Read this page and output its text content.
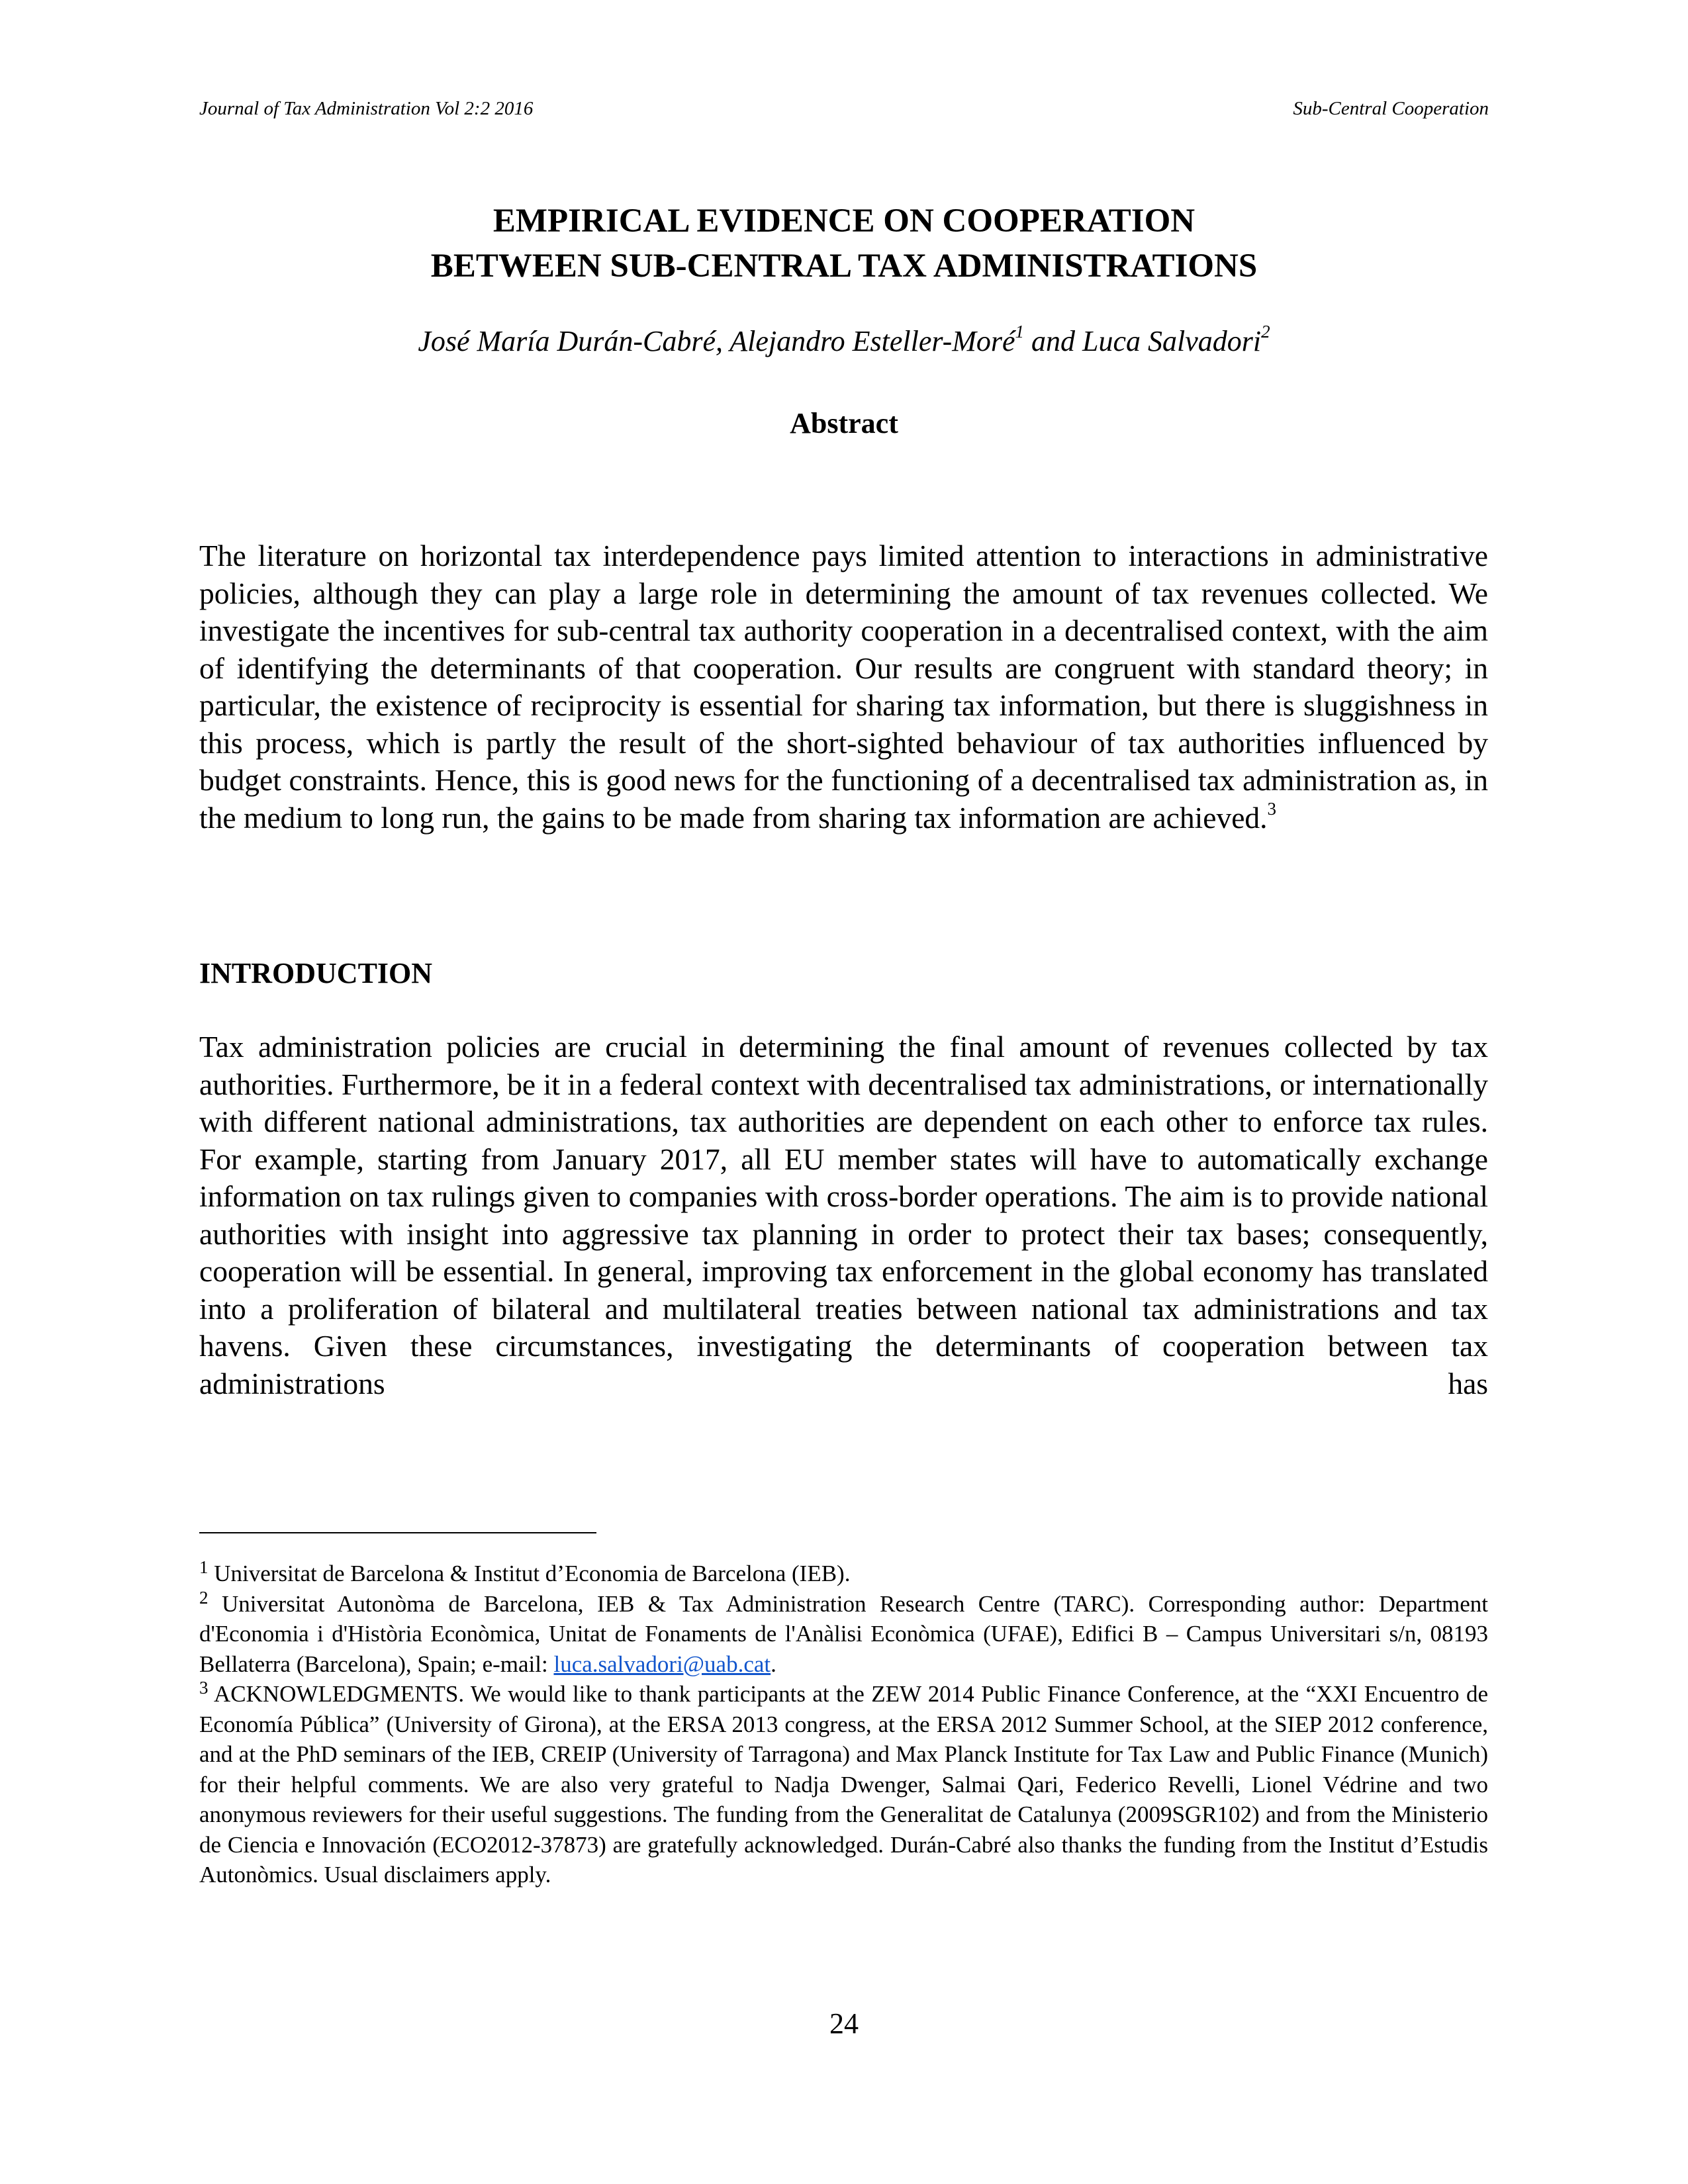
Journal of Tax Administration Vol 2:2 2016	Sub-Central Cooperation
EMPIRICAL EVIDENCE ON COOPERATION
BETWEEN SUB-CENTRAL TAX ADMINISTRATIONS
José María Durán-Cabré, Alejandro Esteller-Moré$^1$ and Luca Salvadori$^2$
Abstract
The literature on horizontal tax interdependence pays limited attention to interactions in administrative policies, although they can play a large role in determining the amount of tax revenues collected. We investigate the incentives for sub-central tax authority cooperation in a decentralised context, with the aim of identifying the determinants of that cooperation. Our results are congruent with standard theory; in particular, the existence of reciprocity is essential for sharing tax information, but there is sluggishness in this process, which is partly the result of the short-sighted behaviour of tax authorities influenced by budget constraints. Hence, this is good news for the functioning of a decentralised tax administration as, in the medium to long run, the gains to be made from sharing tax information are achieved.$^3$
INTRODUCTION
Tax administration policies are crucial in determining the final amount of revenues collected by tax authorities. Furthermore, be it in a federal context with decentralised tax administrations, or internationally with different national administrations, tax authorities are dependent on each other to enforce tax rules. For example, starting from January 2017, all EU member states will have to automatically exchange information on tax rulings given to companies with cross-border operations. The aim is to provide national authorities with insight into aggressive tax planning in order to protect their tax bases; consequently, cooperation will be essential. In general, improving tax enforcement in the global economy has translated into a proliferation of bilateral and multilateral treaties between national tax administrations and tax havens. Given these circumstances, investigating the determinants of cooperation between tax administrations has

$^1$ Universitat de Barcelona & Institut d’Economia de Barcelona (IEB).

$^2$ Universitat Autonòma de Barcelona, IEB & Tax Administration Research Centre (TARC). Corresponding author: Department d'Economia i d'Història Econòmica, Unitat de Fonaments de l'Anàlisi Econòmica (UFAE), Edifici B – Campus Universitari s/n, 08193 Bellaterra (Barcelona), Spain; e-mail: luca.salvadori@uab.cat.

$^3$ ACKNOWLEDGMENTS. We would like to thank participants at the ZEW 2014 Public Finance Conference, at the “XXI Encuentro de Economía Pública” (University of Girona), at the ERSA 2013 congress, at the ERSA 2012 Summer School, at the SIEP 2012 conference, and at the PhD seminars of the IEB, CREIP (University of Tarragona) and Max Planck Institute for Tax Law and Public Finance (Munich) for their helpful comments. We are also very grateful to Nadja Dwenger, Salmai Qari, Federico Revelli, Lionel Védrine and two anonymous reviewers for their useful suggestions. The funding from the Generalitat de Catalunya (2009SGR102) and from the Ministerio de Ciencia e Innovación (ECO2012-37873) are gratefully acknowledged. Durán-Cabré also thanks the funding from the Institut d’Estudis Autonòmics. Usual disclaimers apply.

24
